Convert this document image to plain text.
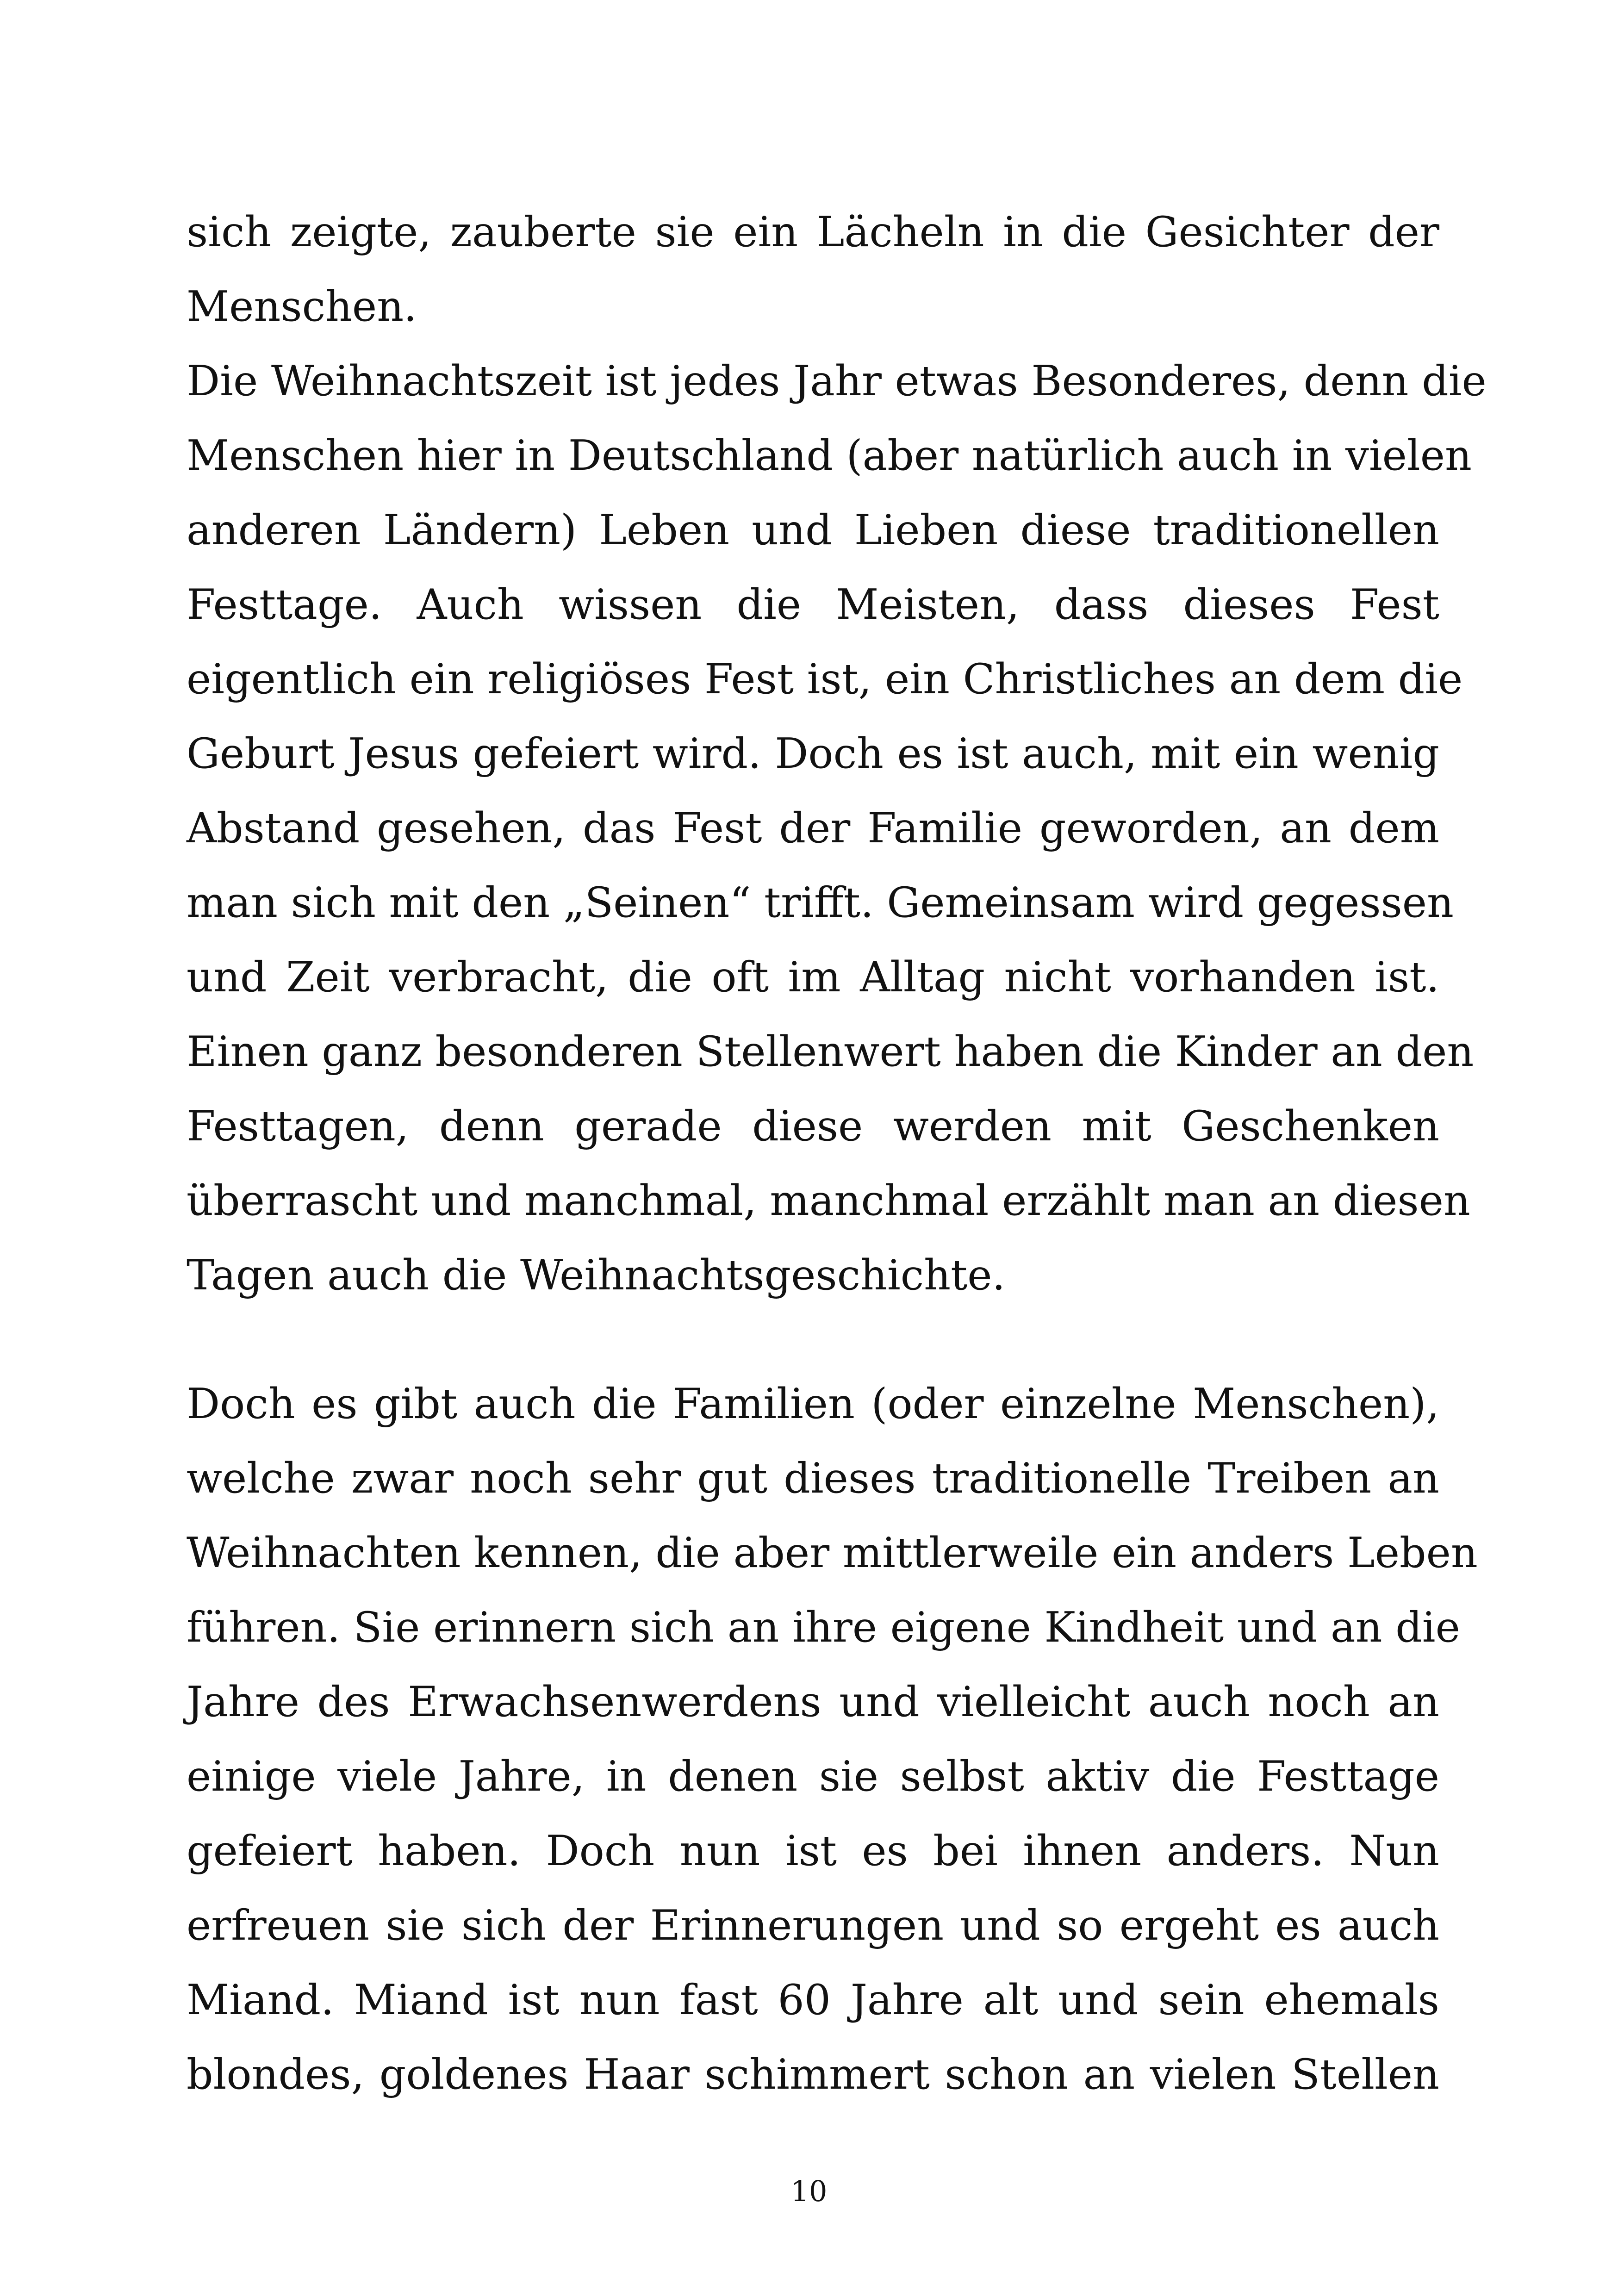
sich zeigte, zauberte sie ein Lächeln in die Gesichter der
Menschen.
Die Weihnachtszeit ist jedes Jahr etwas Besonderes, denn die
Menschen hier in Deutschland (aber natürlich auch in vielen
anderen Ländern) Leben und Lieben diese traditionellen
Festtage. Auch wissen die Meisten, dass dieses Fest
eigentlich ein religiöses Fest ist, ein Christliches an dem die
Geburt Jesus gefeiert wird. Doch es ist auch, mit ein wenig
Abstand gesehen, das Fest der Familie geworden, an dem
man sich mit den „Seinen“ trifft. Gemeinsam wird gegessen
und Zeit verbracht, die oft im Alltag nicht vorhanden ist.
Einen ganz besonderen Stellenwert haben die Kinder an den
Festtagen, denn gerade diese werden mit Geschenken
überrascht und manchmal, manchmal erzählt man an diesen
Tagen auch die Weihnachtsgeschichte.
Doch es gibt auch die Familien (oder einzelne Menschen),
welche zwar noch sehr gut dieses traditionelle Treiben an
Weihnachten kennen, die aber mittlerweile ein anders Leben
führen. Sie erinnern sich an ihre eigene Kindheit und an die
Jahre des Erwachsenwerdens und vielleicht auch noch an
einige viele Jahre, in denen sie selbst aktiv die Festtage
gefeiert haben. Doch nun ist es bei ihnen anders. Nun
erfreuen sie sich der Erinnerungen und so ergeht es auch
Miand. Miand ist nun fast 60 Jahre alt und sein ehemals
blondes, goldenes Haar schimmert schon an vielen Stellen
10
